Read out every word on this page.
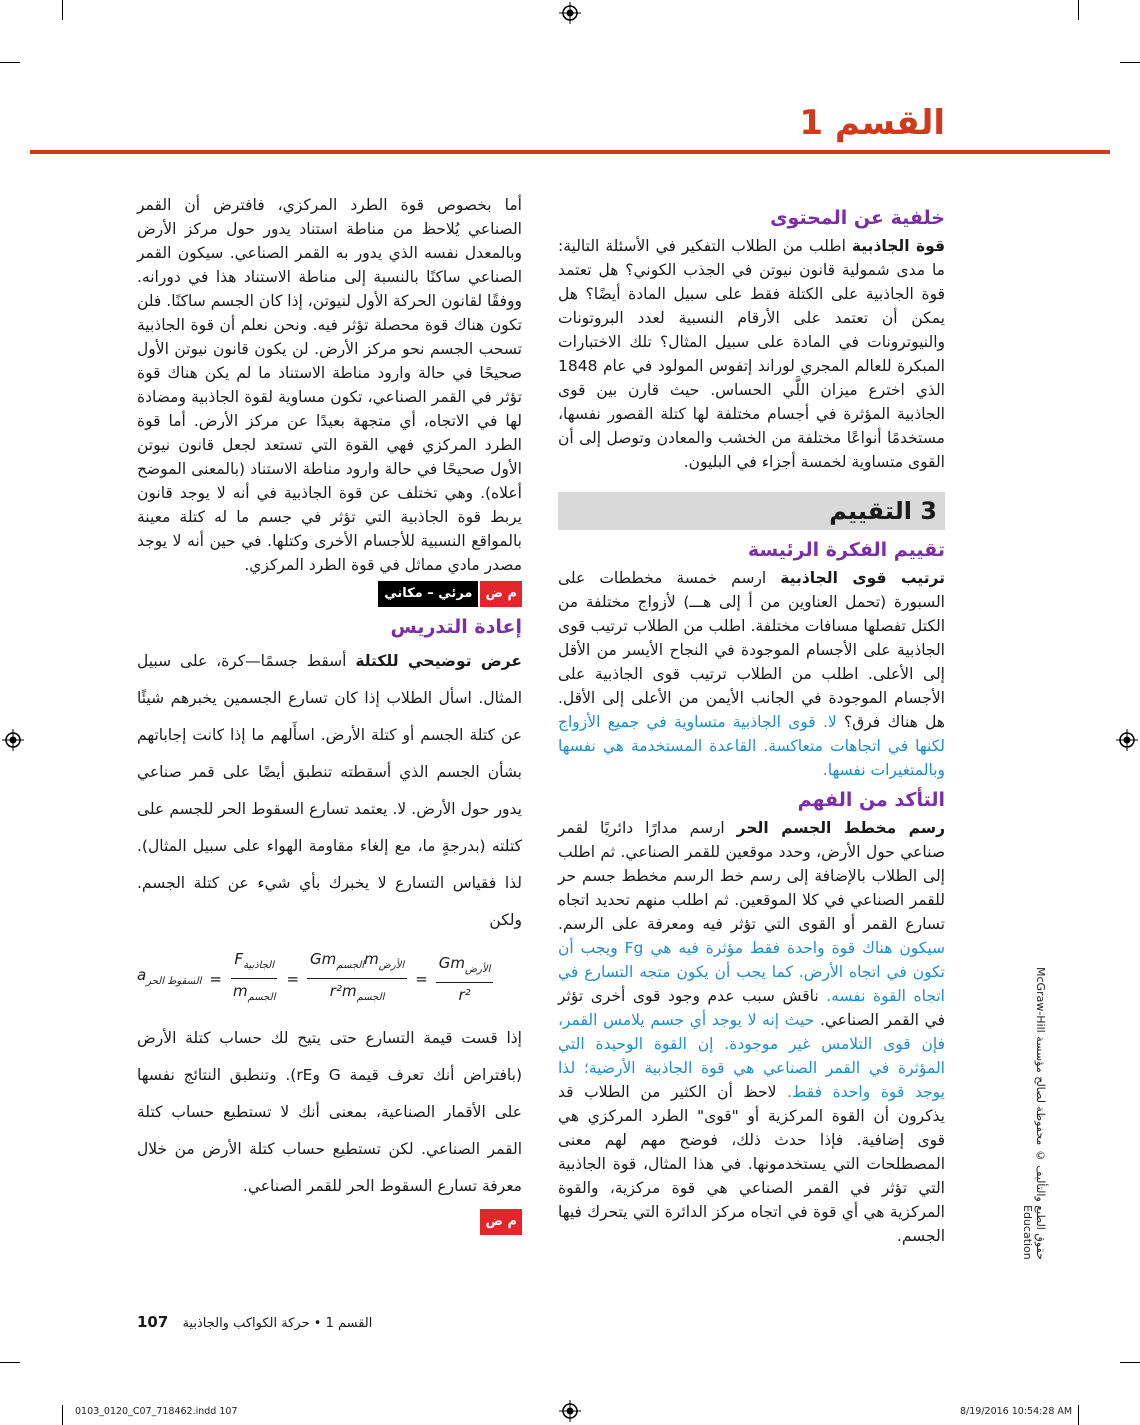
القسم 1
خلفية عن المحتوى

قوة الجاذبية اطلب من الطلاب التفكير في الأسئلة التالية: ما مدى شمولية قانون نيوتن في الجذب الكوني؟ هل تعتمد قوة الجاذبية على الكتلة فقط على سبيل المادة أيضًا؟ هل يمكن أن تعتمد على الأرقام النسبية لعدد البروتونات والنيوترونات في المادة على سبيل المثال؟ تلك الاختبارات المبكرة للعالم المجري لوراند إتفوس المولود في عام 1848 الذي اخترع ميزان اللَّي الحساس. حيث قارن بين قوى الجاذبية المؤثرة في أجسام مختلفة لها كتلة القصور نفسها، مستخدمًا أنواعًا مختلفة من الخشب والمعادن وتوصل إلى أن القوى متساوية لخمسة أجزاء في البليون.

3 التقييم
تقييم الفكرة الرئيسة

ترتيب قوى الجاذبية ارسم خمسة مخططات على السبورة (تحمل العناوين من أ إلى هـــ) لأزواج مختلفة من الكتل تفصلها مسافات مختلفة. اطلب من الطلاب ترتيب قوى الجاذبية على الأجسام الموجودة في النجاح الأيسر من الأقل إلى الأعلى. اطلب من الطلاب ترتيب قوى الجاذبية على الأجسام الموجودة في الجانب الأيمن من الأعلى إلى الأقل. هل هناك فرق؟ لا. قوى الجاذبية متساوية في جميع الأزواج لكنها في اتجاهات متعاكسة. القاعدة المستخدمة هي نفسها وبالمتغيرات نفسها.

التأكد من الفهم

رسم مخطط الجسم الحر ارسم مدارًا دائريًا لقمر صناعي حول الأرض، وحدد موقعين للقمر الصناعي. ثم اطلب إلى الطلاب بالإضافة إلى رسم خط الرسم مخطط جسم حر للقمر الصناعي في كلا الموقعين. ثم اطلب منهم تحديد اتجاه تسارع القمر أو القوى التي تؤثر فيه ومعرفة على الرسم. سيكون هناك قوة واحدة فقط مؤثرة فيه هي Fg ويجب أن تكون في اتجاه الأرض. كما يجب أن يكون متجه التسارع في اتجاه القوة نفسه. ناقش سبب عدم وجود قوى أخرى تؤثر في القمر الصناعي. حيث إنه لا يوجد أي جسم يلامس القمر، فإن قوى التلامس غير موجودة. إن القوة الوحيدة التي المؤثرة في القمر الصناعي هي قوة الجاذبية الأرضية؛ لذا يوجد قوة واحدة فقط. لاحظ أن الكثير من الطلاب قد يذكرون أن القوة المركزية أو "قوى" الطرد المركزي هي قوى إضافية. فإذا حدث ذلك، فوضح مهم لهم معنى المصطلحات التي يستخدمونها. في هذا المثال، قوة الجاذبية التي تؤثر في القمر الصناعي هي قوة مركزية، والقوة المركزية هي أي قوة في اتجاه مركز الدائرة التي يتحرك فيها الجسم.

أما بخصوص قوة الطرد المركزي، فافترض أن القمر الصناعي يُلاحظ من مناطة استناد يدور حول مركز الأرض وبالمعدل نفسه الذي يدور به القمر الصناعي. سيكون القمر الصناعي ساكنًا بالنسبة إلى مناطة الاستناد هذا في دورانه. ووفقًا لقانون الحركة الأول لنيوتن، إذا كان الجسم ساكنًا. فلن تكون هناك قوة محصلة تؤثر فيه. ونحن نعلم أن قوة الجاذبية تسحب الجسم نحو مركز الأرض. لن يكون قانون نيوتن الأول صحيحًا في حالة وارود مناطة الاستناد ما لم يكن هناك قوة تؤثر في القمر الصناعي، تكون مساوية لقوة الجاذبية ومضادة لها في الاتجاه، أي متجهة بعيدًا عن مركز الأرض. أما قوة الطرد المركزي فهي القوة التي تستعد لجعل قانون نيوتن الأول صحيحًا في حالة وارود مناطة الاستناد (بالمعنى الموضح أعلاه). وهي تختلف عن قوة الجاذبية في أنه لا يوجد قانون يربط قوة الجاذبية التي تؤثر في جسم ما له كتلة معينة بالمواقع النسبية للأجسام الأخرى وكتلها. في حين أنه لا يوجد مصدر مادي مماثل في قوة الطرد المركزي.

م ض
مرئي – مكاني
إعادة التدريس

عرض توضيحي للكتلة أسقط جسمًا—كرة، على سبيل المثال. اسأل الطلاب إذا كان تسارع الجسمين يخبرهم شيئًا عن كتلة الجسم أو كتلة الأرض. اسأَلهم ما إذا كانت إجاباتهم بشأن الجسم الذي أسقطته تنطبق أيضًا على قمر صناعي يدور حول الأرض. لا. يعتمد تسارع السقوط الحر للجسم على كتلته (بدرجةٍ ما، مع إلغاء مقاومة الهواء على سبيل المثال). لذا فقياس التسارع لا يخبرك بأي شيء عن كتلة الجسم. ولكن

$a_{السقوط الحر} = \frac{F_{الجاذبية}}{m_{الجسم}} = \frac{Gm_{الجسم}m_{الأرض}}{r^2m_{الجسم}} = \frac{Gm_{الأرض}}{\text{r²}}$

إذا قست قيمة التسارع حتى يتيح لك حساب كتلة الأرض (بافتراض أنك تعرف قيمة G وrE). وتنطبق النتائج نفسها على الأقمار الصناعية، بمعنى أنك لا تستطيع حساب كتلة القمر الصناعي. لكن تستطيع حساب كتلة الأرض من خلال معرفة تسارع السقوط الحر للقمر الصناعي.

م ض
حقوق الطبع والتأليف © محفوظة لصالح مؤسسة McGraw-Hill Education
107 القسم 1 • حركة الكواكب والجاذبية
0103_0120_C07_718462.indd 107	8/19/2016 10:54:28 AM
